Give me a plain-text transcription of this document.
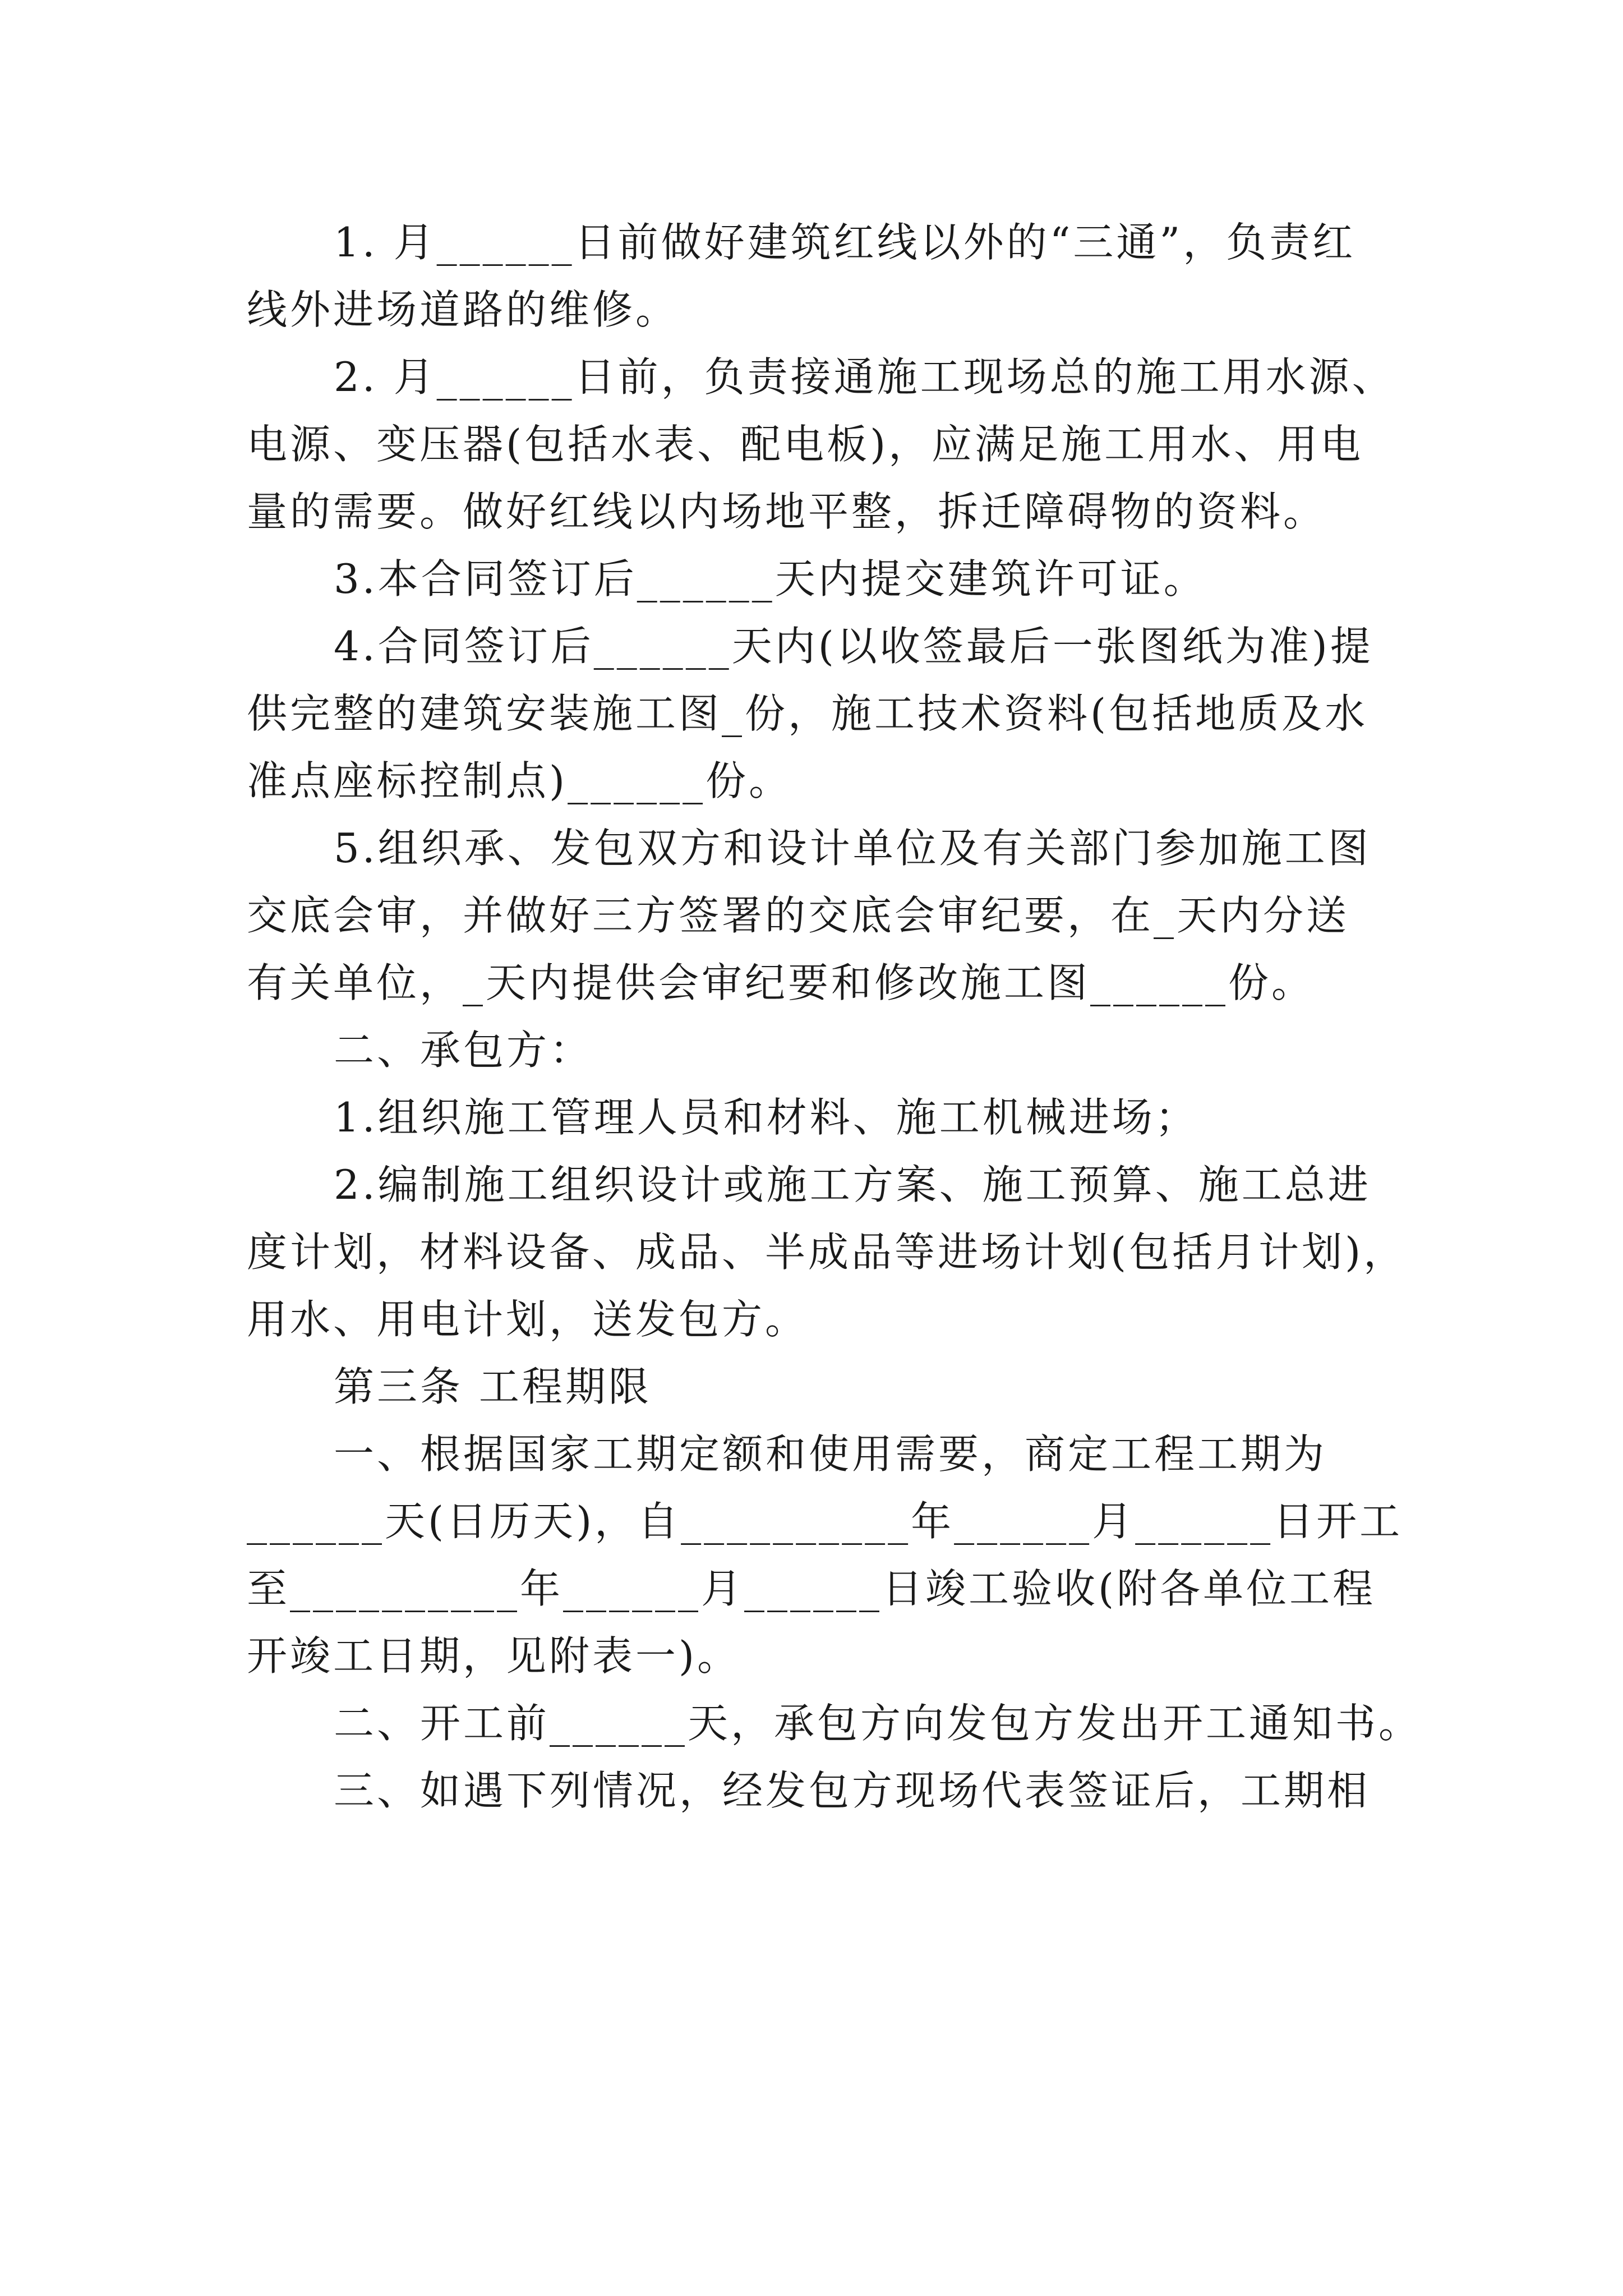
1. 月______日前做好建筑红线以外的“三通”，负责红
线外进场道路的维修。
2. 月______日前，负责接通施工现场总的施工用水源、
电源、变压器(包括水表、配电板)，应满足施工用水、用电
量的需要。做好红线以内场地平整，拆迁障碍物的资料。
3.本合同签订后______天内提交建筑许可证。
4.合同签订后______天内(以收签最后一张图纸为准)提
供完整的建筑安装施工图_份，施工技术资料(包括地质及水
准点座标控制点)______份。
5.组织承、发包双方和设计单位及有关部门参加施工图
交底会审，并做好三方签署的交底会审纪要，在_天内分送
有关单位，_天内提供会审纪要和修改施工图______份。
二、承包方：
1.组织施工管理人员和材料、施工机械进场；
2.编制施工组织设计或施工方案、施工预算、施工总进
度计划，材料设备、成品、半成品等进场计划(包括月计划)，
用水、用电计划，送发包方。
第三条 工程期限
一、根据国家工期定额和使用需要，商定工程工期为
______天(日历天)，自__________年______月______日开工
至__________年______月______日竣工验收(附各单位工程
开竣工日期，见附表一)。
二、开工前______天，承包方向发包方发出开工通知书。
三、如遇下列情况，经发包方现场代表签证后，工期相
